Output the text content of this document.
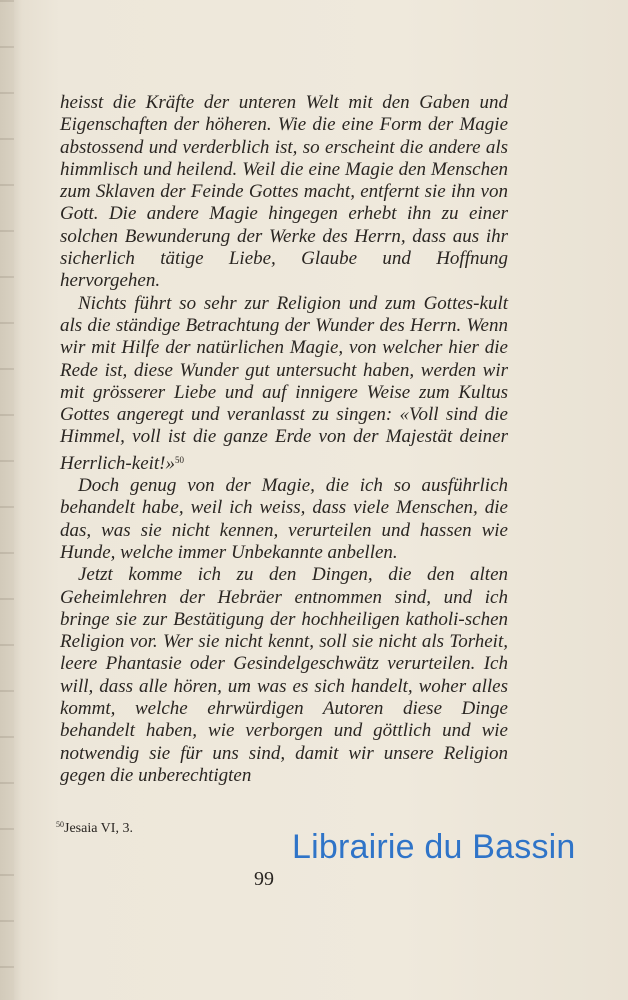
heisst die Kräfte der unteren Welt mit den Gaben und Eigenschaften der höheren. Wie die eine Form der Magie abstossend und verderblich ist, so erscheint die andere als himmlisch und heilend. Weil die eine Magie den Menschen zum Sklaven der Feinde Gottes macht, entfernt sie ihn von Gott. Die andere Magie hingegen erhebt ihn zu einer solchen Bewunderung der Werke des Herrn, dass aus ihr sicherlich tätige Liebe, Glaube und Hoffnung hervorgehen.

Nichts führt so sehr zur Religion und zum Gottes-kult als die ständige Betrachtung der Wunder des Herrn. Wenn wir mit Hilfe der natürlichen Magie, von welcher hier die Rede ist, diese Wunder gut untersucht haben, werden wir mit grösserer Liebe und auf innigere Weise zum Kultus Gottes angeregt und veranlasst zu singen: «Voll sind die Himmel, voll ist die ganze Erde von der Majestät deiner Herrlich-keit!»$^{50}$

Doch genug von der Magie, die ich so ausführlich behandelt habe, weil ich weiss, dass viele Menschen, die das, was sie nicht kennen, verurteilen und hassen wie Hunde, welche immer Unbekannte anbellen.

Jetzt komme ich zu den Dingen, die den alten Geheimlehren der Hebräer entnommen sind, und ich bringe sie zur Bestätigung der hochheiligen katholi-schen Religion vor. Wer sie nicht kennt, soll sie nicht als Torheit, leere Phantasie oder Gesindelgeschwätz verurteilen. Ich will, dass alle hören, um was es sich handelt, woher alles kommt, welche ehrwürdigen Autoren diese Dinge behandelt haben, wie verborgen und göttlich und wie notwendig sie für uns sind, damit wir unsere Religion gegen die unberechtigten

$^{50}$Jesaia VI, 3.	Librairie du Bassin
99
